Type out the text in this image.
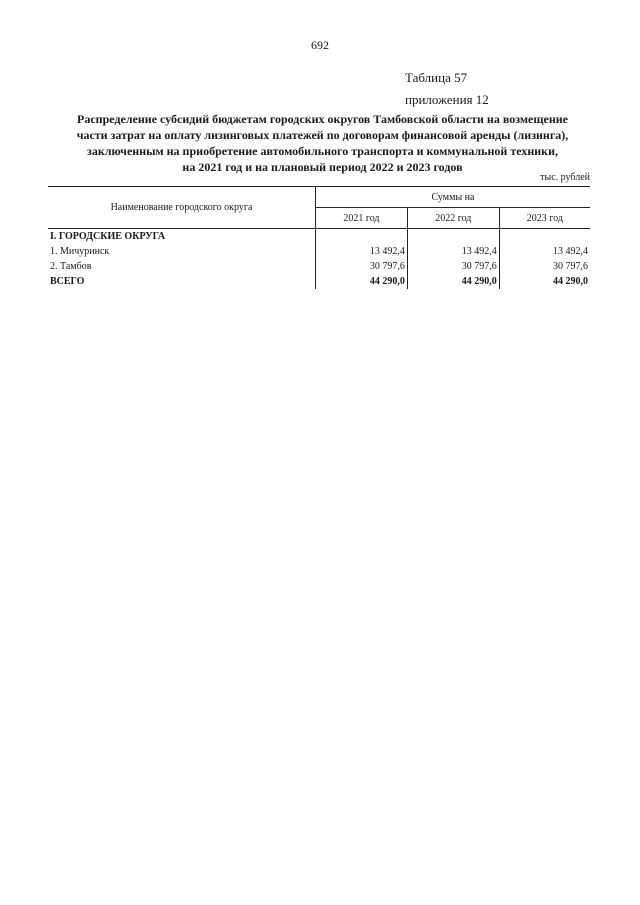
692
Таблица 57
приложения 12
Распределение субсидий бюджетам городских округов Тамбовской области на возмещение
части затрат на оплату лизинговых платежей по договорам финансовой аренды (лизинга),
заключенным на приобретение автомобильного транспорта и коммунальной техники,
на 2021 год и на плановый период 2022 и 2023 годов
тыс. рублей
Наименование городского округа	Суммы на		
	2021 год	2022 год	2023 год
I. ГОРОДСКИЕ ОКРУГА			
1. Мичуринск	13 492,4	13 492,4	13 492,4
2. Тамбов	30 797,6	30 797,6	30 797,6
ВСЕГО	44 290,0	44 290,0	44 290,0
